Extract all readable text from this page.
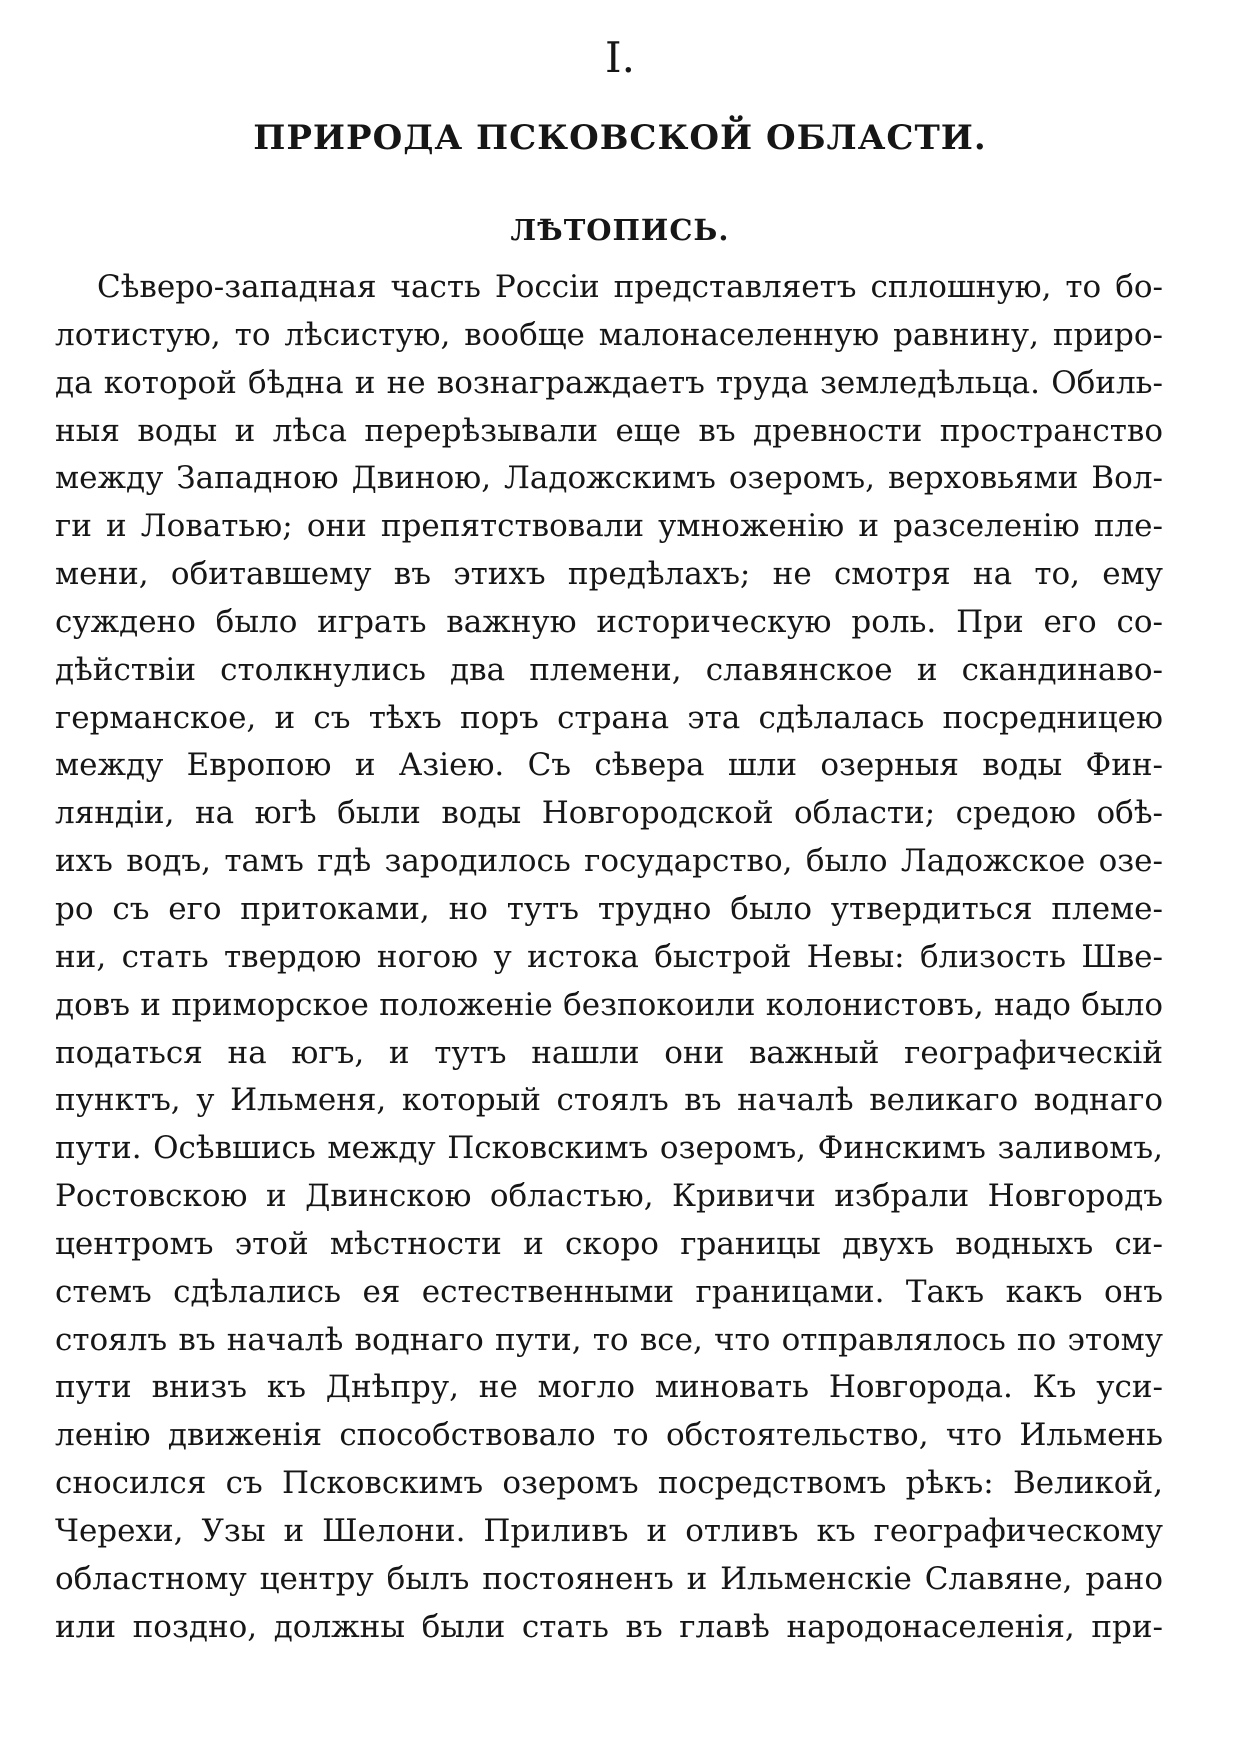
I.
ПРИРОДА ПСКОВСКОЙ ОБЛАСТИ.
ЛѢТОПИСЬ.
Сѣверо-западная часть Россіи представляетъ сплошную, то бо-
лотистую, то лѣсистую, вообще малонаселенную равнину, приро-
да которой бѣдна и не вознаграждаетъ труда земледѣльца. Обиль-
ныя воды и лѣса перерѣзывали еще въ древности пространство
между Западною Двиною, Ладожскимъ озеромъ, верховьями Вол-
ги и Ловатью; они препятствовали умноженію и разселенію пле-
мени, обитавшему въ этихъ предѣлахъ; не смотря на то, ему
суждено было играть важную историческую роль. При его со-
дѣйствіи столкнулись два племени, славянское и скандинаво-
германское, и съ тѣхъ поръ страна эта сдѣлалась посредницею
между Европою и Азіею. Съ сѣвера шли озерныя воды Фин-
ляндіи, на югѣ были воды Новгородской области; средою обѣ-
ихъ водъ, тамъ гдѣ зародилось государство, было Ладожское озе-
ро съ его притоками, но тутъ трудно было утвердиться племе-
ни, стать твердою ногою у истока быстрой Невы: близость Шве-
довъ и приморское положеніе безпокоили колонистовъ, надо было
податься на югъ, и тутъ нашли они важный географическій
пунктъ, у Ильменя, который стоялъ въ началѣ великаго воднаго
пути. Осѣвшись между Псковскимъ озеромъ, Финскимъ заливомъ,
Ростовскою и Двинскою областью, Кривичи избрали Новгородъ
центромъ этой мѣстности и скоро границы двухъ водныхъ си-
стемъ сдѣлались ея естественными границами. Такъ какъ онъ
стоялъ въ началѣ воднаго пути, то все, что отправлялось по этому
пути внизъ къ Днѣпру, не могло миновать Новгорода. Къ уси-
ленію движенія способствовало то обстоятельство, что Ильмень
сносился съ Псковскимъ озеромъ посредствомъ рѣкъ: Великой,
Черехи, Узы и Шелони. Приливъ и отливъ къ географическому
областному центру былъ постояненъ и Ильменскіе Славяне, рано
или поздно, должны были стать въ главѣ народонаселенія, при-
